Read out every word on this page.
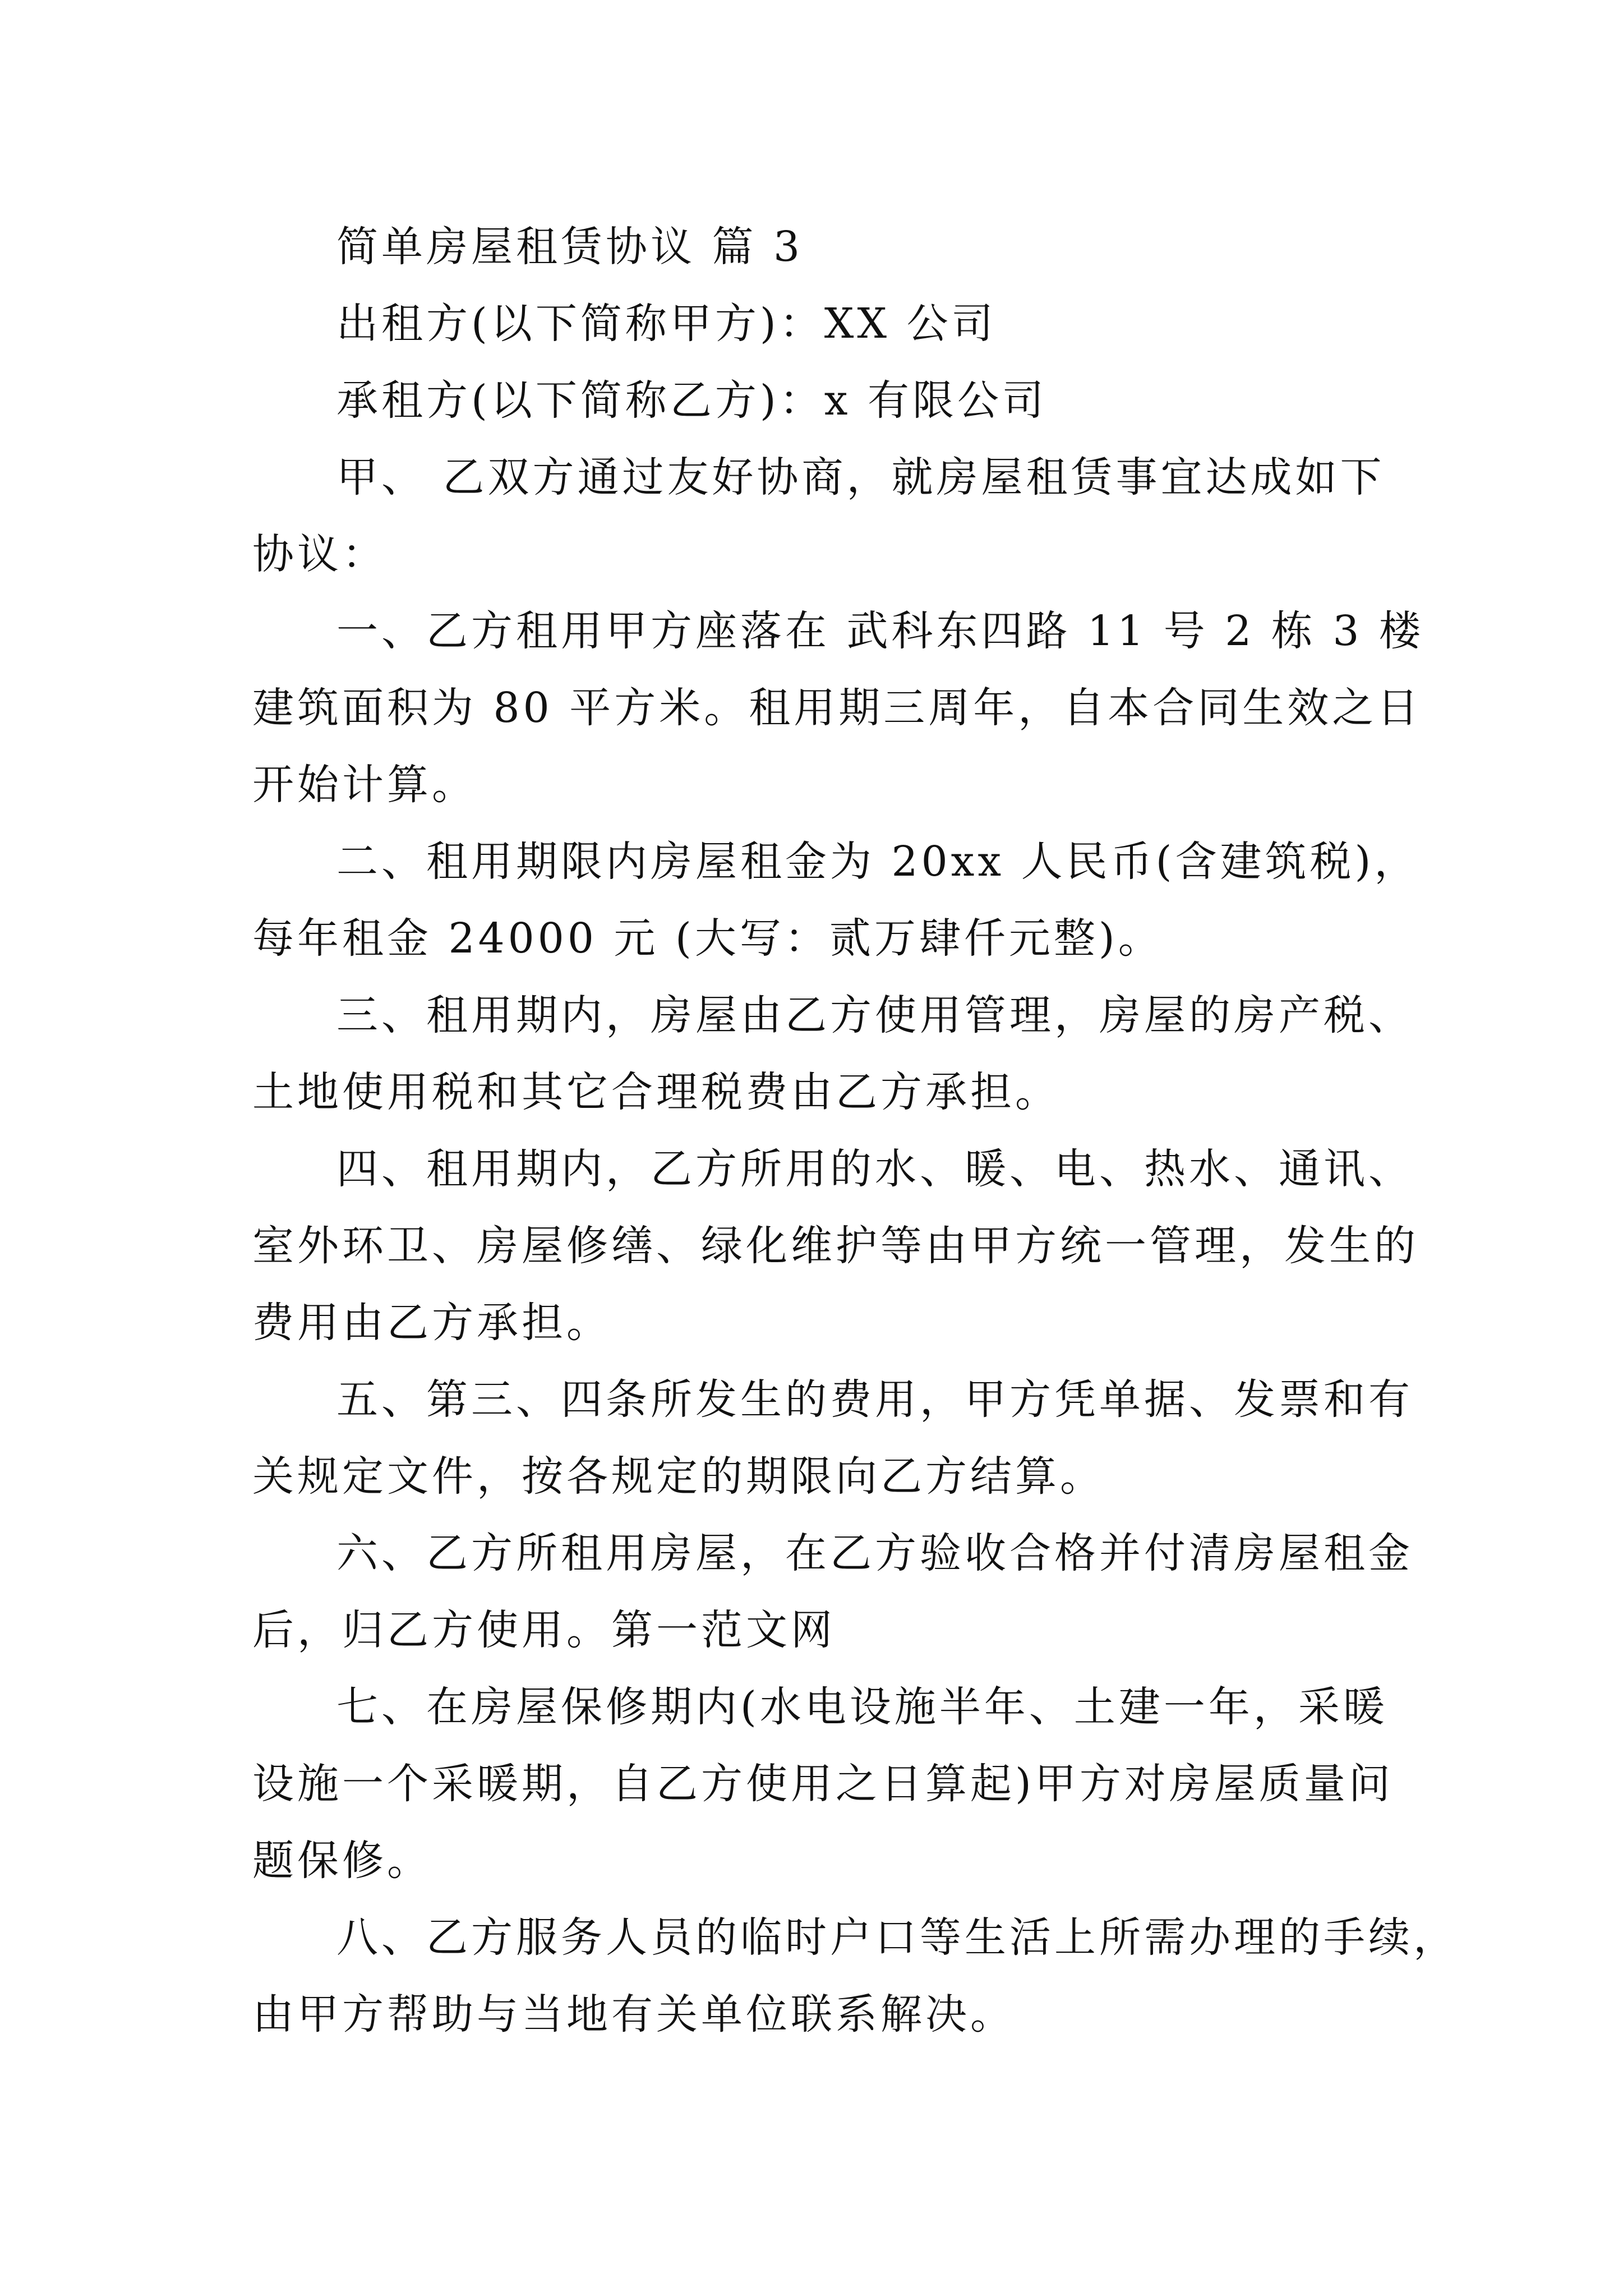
简单房屋租赁协议 篇 3
出租方(以下简称甲方)：XX 公司
承租方(以下简称乙方)：x 有限公司
甲、 乙双方通过友好协商，就房屋租赁事宜达成如下
协议：
一、乙方租用甲方座落在 武科东四路 11 号 2 栋 3 楼
建筑面积为 80 平方米。租用期三周年，自本合同生效之日
开始计算。
二、租用期限内房屋租金为 20xx 人民币(含建筑税)，
每年租金 24000 元 (大写：贰万肆仟元整)。
三、租用期内，房屋由乙方使用管理，房屋的房产税、
土地使用税和其它合理税费由乙方承担。
四、租用期内，乙方所用的水、暖、电、热水、通讯、
室外环卫、房屋修缮、绿化维护等由甲方统一管理，发生的
费用由乙方承担。
五、第三、四条所发生的费用，甲方凭单据、发票和有
关规定文件，按各规定的期限向乙方结算。
六、乙方所租用房屋，在乙方验收合格并付清房屋租金
后，归乙方使用。第一范文网
七、在房屋保修期内(水电设施半年、土建一年，采暖
设施一个采暖期，自乙方使用之日算起)甲方对房屋质量问
题保修。
八、乙方服务人员的临时户口等生活上所需办理的手续，
由甲方帮助与当地有关单位联系解决。
